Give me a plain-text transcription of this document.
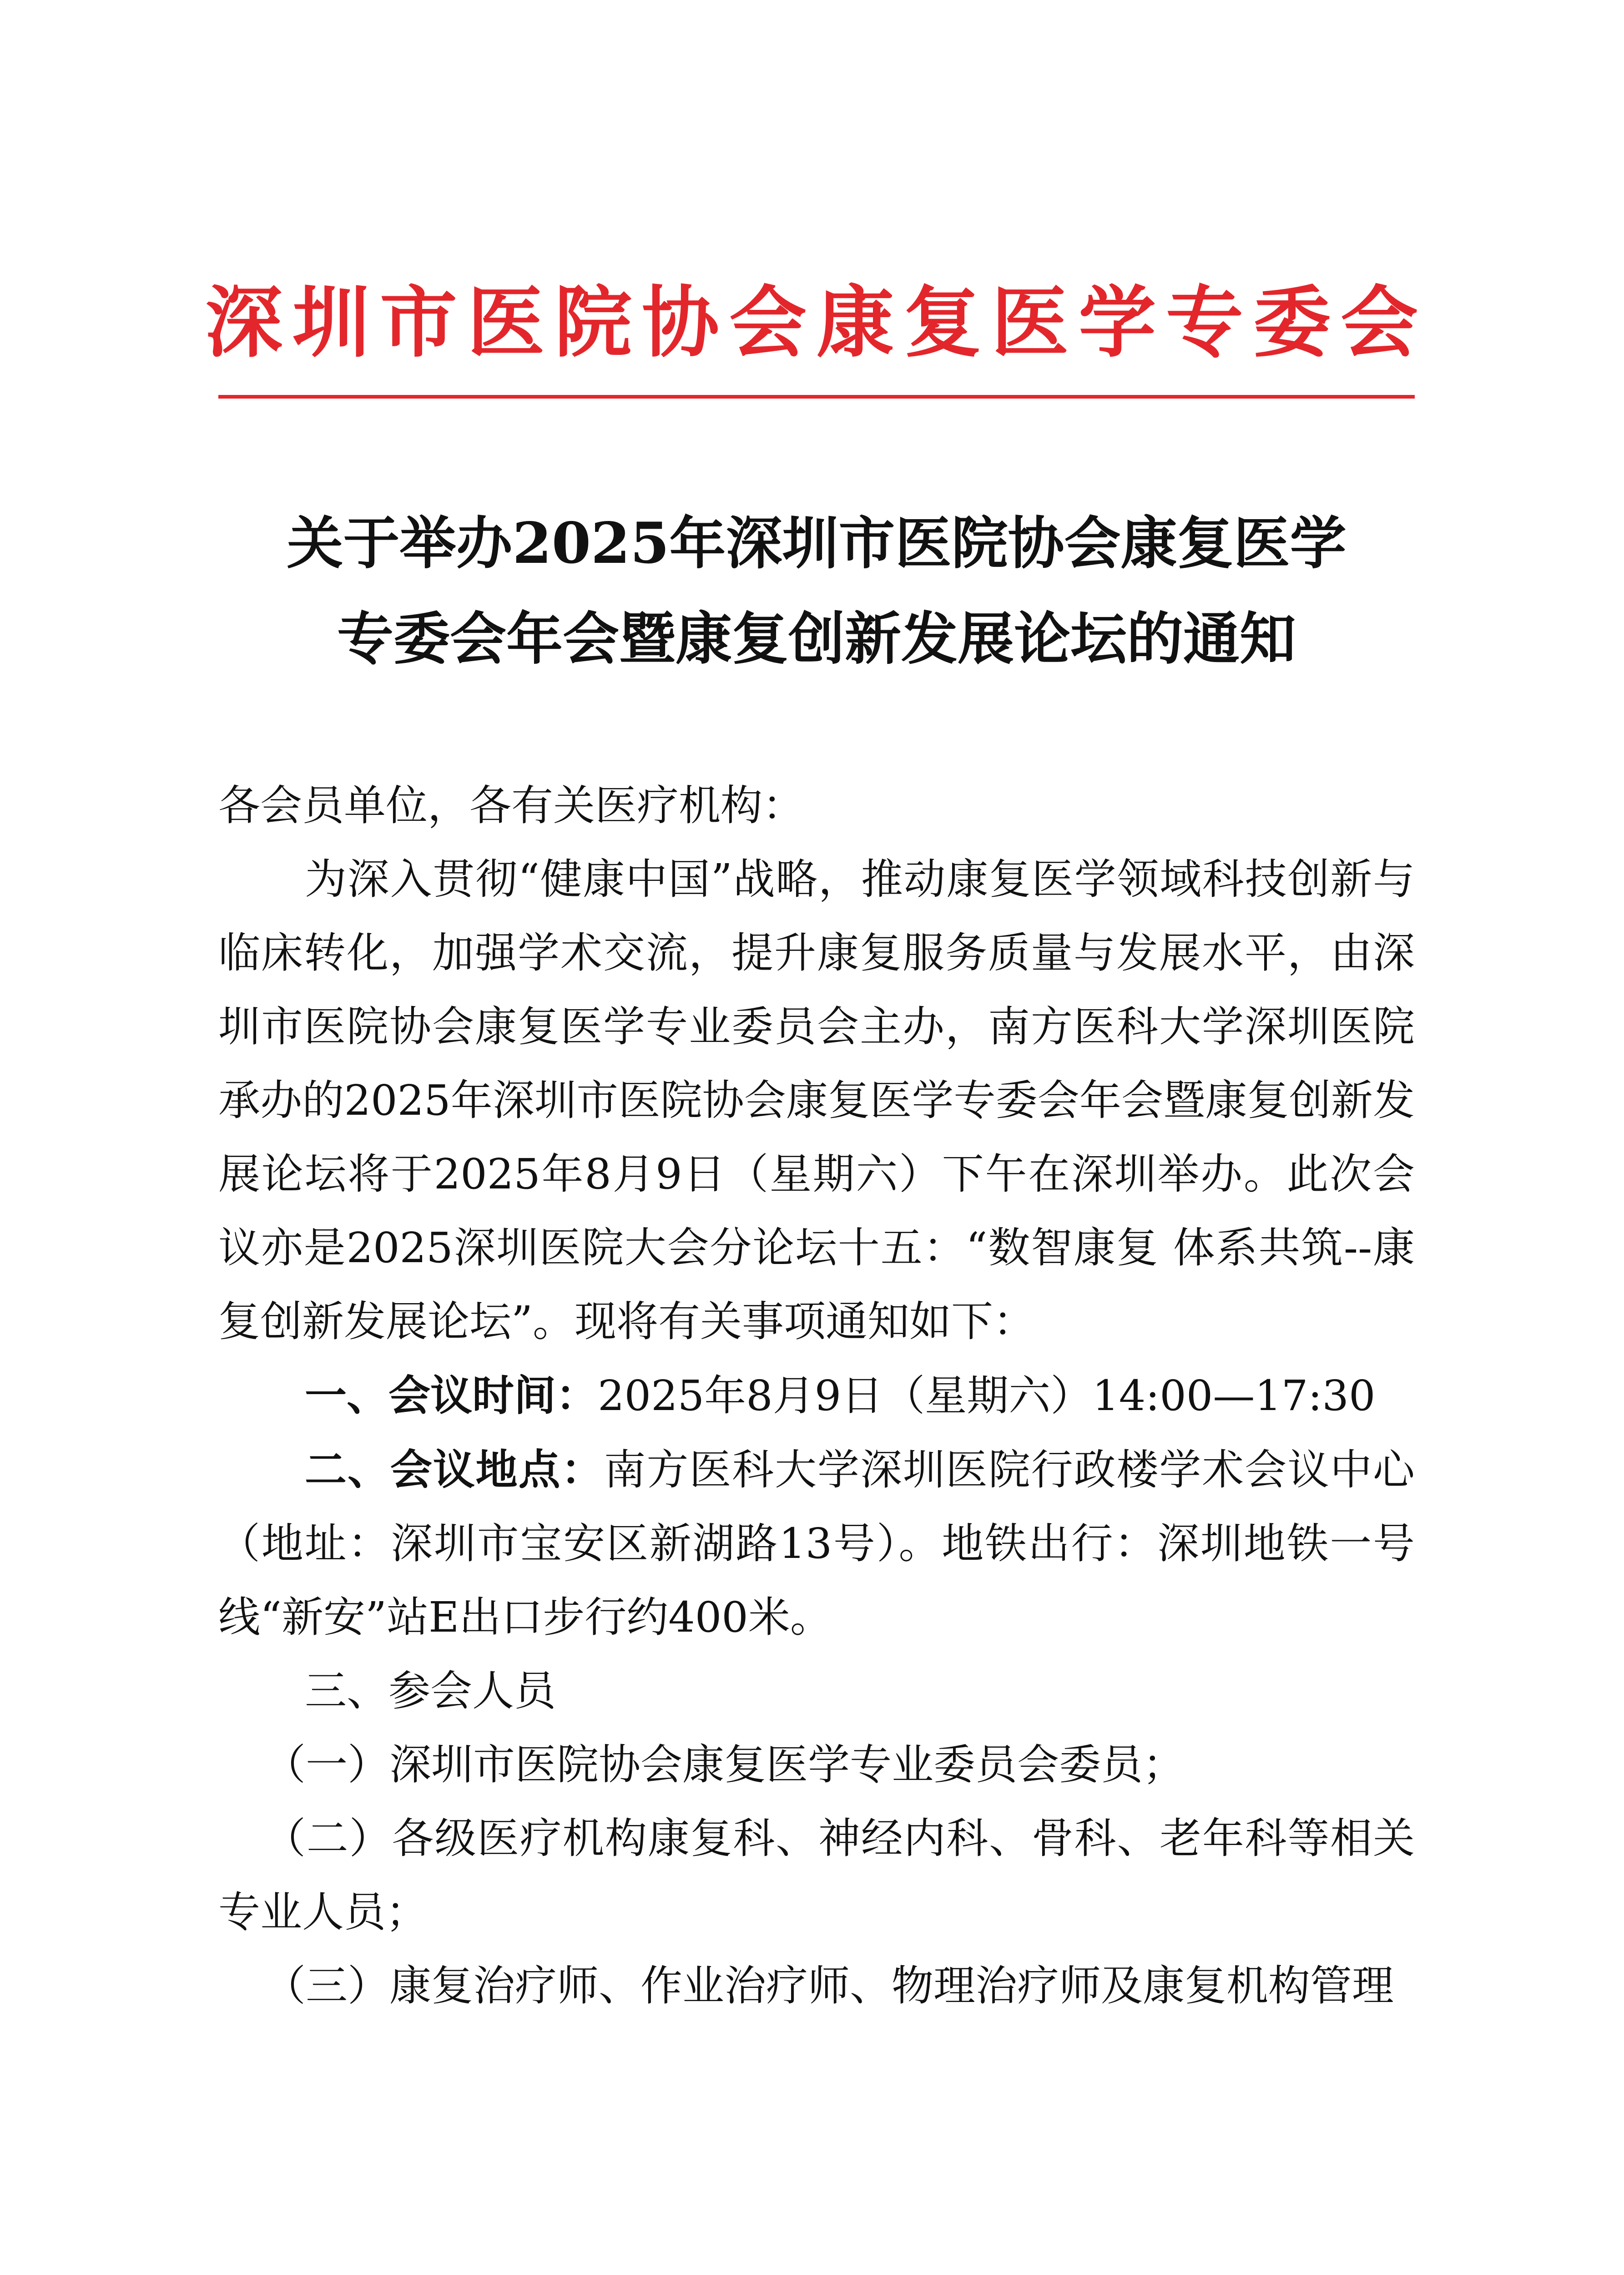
深圳市医院协会康复医学专委会
关于举办2025年深圳市医院协会康复医学
专委会年会暨康复创新发展论坛的通知

各会员单位，各有关医疗机构：

为深入贯彻“健康中国”战略，推动康复医学领域科技创新与临床转化，加强学术交流，提升康复服务质量与发展水平，由深圳市医院协会康复医学专业委员会主办，南方医科大学深圳医院承办的2025年深圳市医院协会康复医学专委会年会暨康复创新发展论坛将于2025年8月9日（星期六）下午在深圳举办。此次会议亦是2025深圳医院大会分论坛十五：“数智康复 体系共筑--康复创新发展论坛”。现将有关事项通知如下：

一、会议时间：2025年8月9日（星期六）14:00—17:30

二、会议地点：南方医科大学深圳医院行政楼学术会议中心（地址：深圳市宝安区新湖路13号）。地铁出行：深圳地铁一号线“新安”站E出口步行约400米。

三、参会人员

（一）深圳市医院协会康复医学专业委员会委员；

（二）各级医疗机构康复科、神经内科、骨科、老年科等相关专业人员；

（三）康复治疗师、作业治疗师、物理治疗师及康复机构管理
